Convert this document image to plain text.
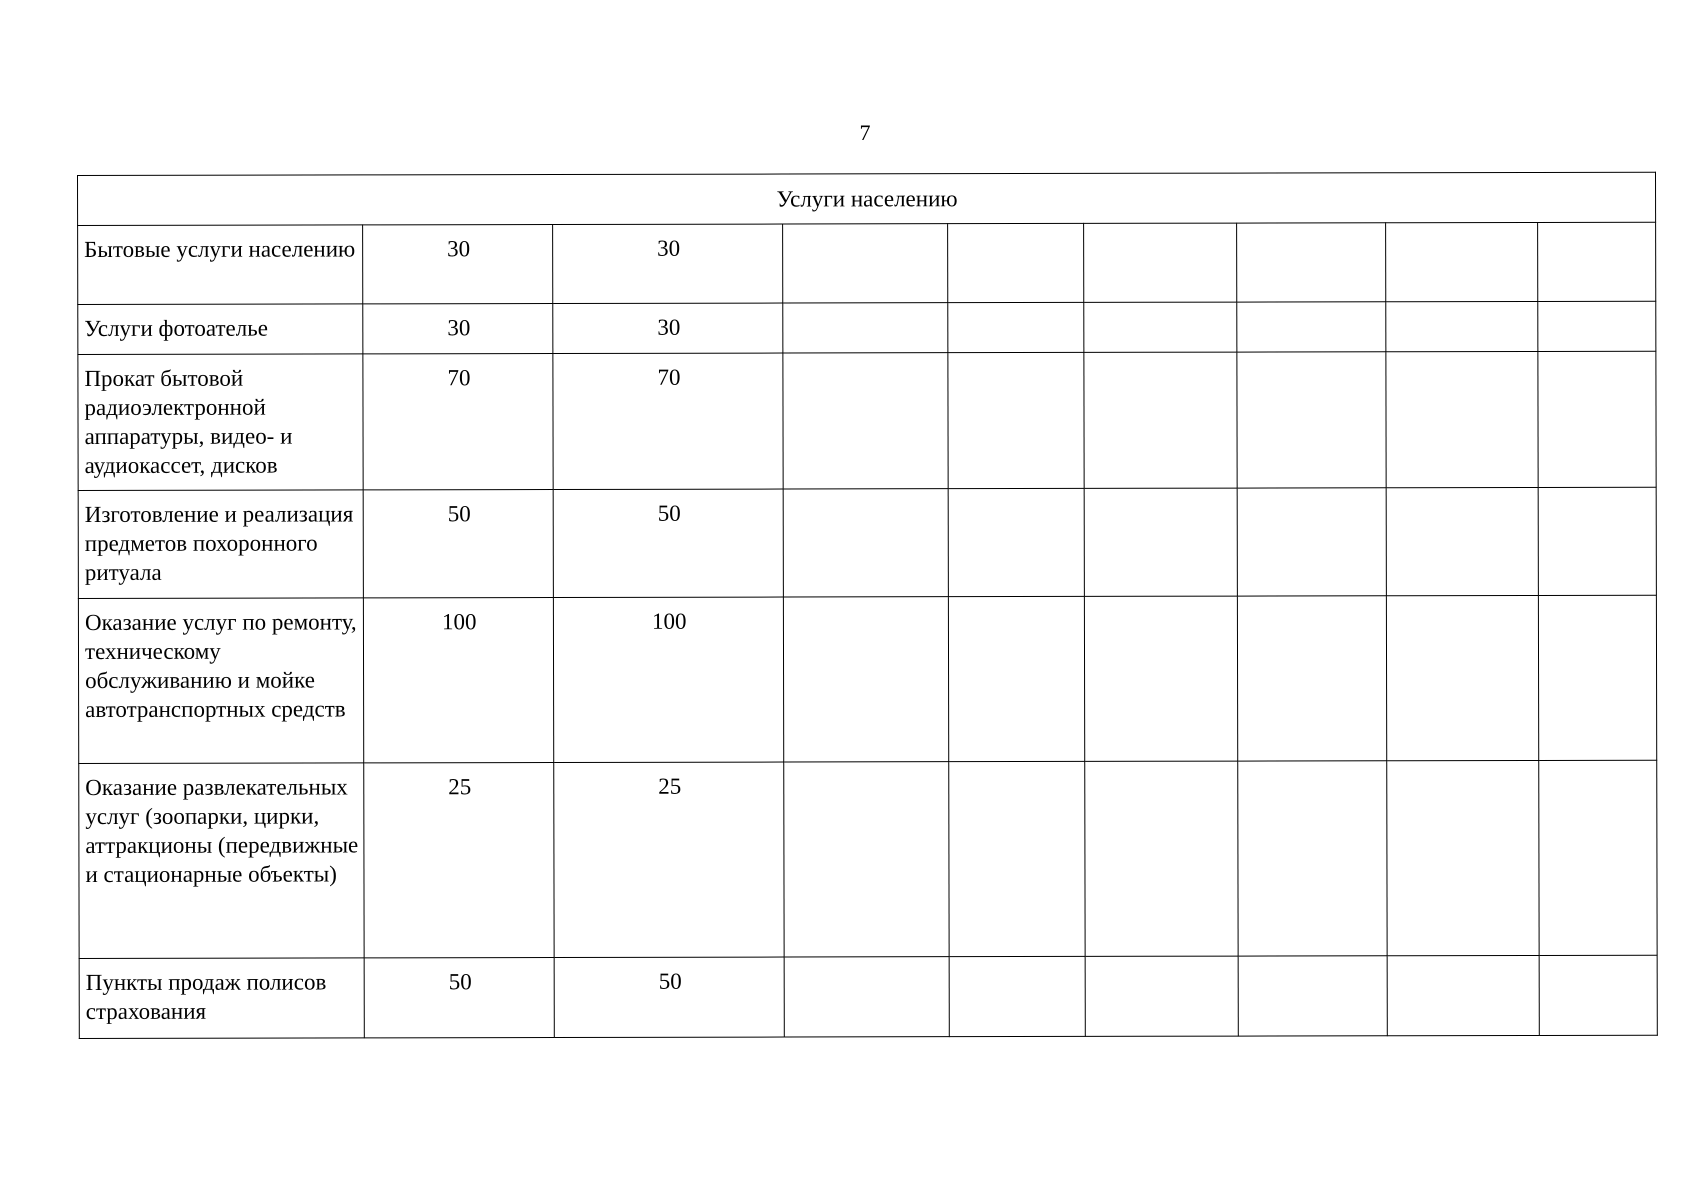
7
Услуги населению								
Бытовые услуги населению	30	30						
Услуги фотоателье	30	30						
Прокат бытовой радиоэлектронной аппаратуры, видео- и аудиокассет, дисков	70	70						
Изготовление и реализация предметов похоронного ритуала	50	50						
Оказание услуг по ремонту, техническому обслуживанию и мойке автотранспортных средств	100	100						
Оказание развлекательных услуг (зоопарки, цирки, аттракционы (передвижные и стационарные объекты)	25	25						
Пункты продаж полисов страхования	50	50						
